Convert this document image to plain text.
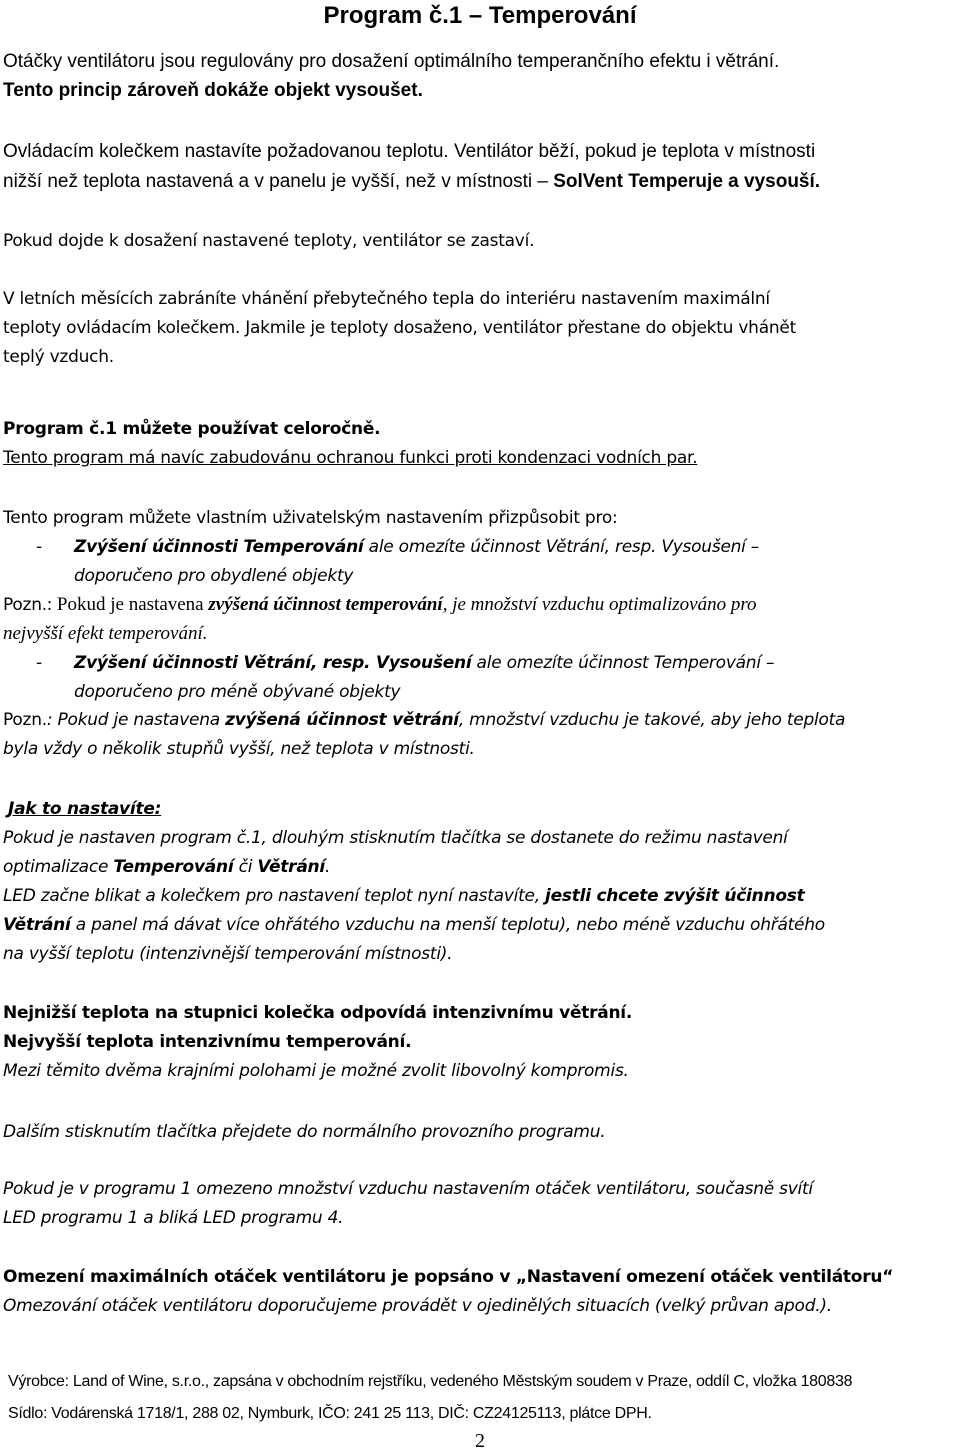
Program č.1 – Temperování
Otáčky ventilátoru jsou regulovány pro dosažení optimálního temperančního efektu i větrání.
Tento princip zároveň dokáže objekt vysoušet.
Ovládacím kolečkem nastavíte požadovanou teplotu. Ventilátor běží, pokud je teplota v místnosti
nižší než teplota nastavená a v panelu je vyšší, než v místnosti – SolVent Temperuje a vysouší.
Pokud dojde k dosažení nastavené teploty, ventilátor se zastaví.
V letních měsících zabráníte vhánění přebytečného tepla do interiéru nastavením maximální
teploty ovládacím kolečkem. Jakmile je teploty dosaženo, ventilátor přestane do objektu vhánět
teplý vzduch.
Program č.1 můžete používat celoročně.
Tento program má navíc zabudovánu ochranou funkci proti kondenzaci vodních par.
Tento program můžete vlastním uživatelským nastavením přizpůsobit pro:
- Zvýšení účinnosti Temperování ale omezíte účinnost Větrání, resp. Vysoušení –
doporučeno pro obydlené objekty
Pozn.: Pokud je nastavena zvýšená účinnost temperování, je množství vzduchu optimalizováno pro
nejvyšší efekt temperování.
- Zvýšení účinnosti Větrání, resp. Vysoušení ale omezíte účinnost Temperování –
doporučeno pro méně obývané objekty
Pozn.: Pokud je nastavena zvýšená účinnost větrání, množství vzduchu je takové, aby jeho teplota
byla vždy o několik stupňů vyšší, než teplota v místnosti.
Jak to nastavíte:
Pokud je nastaven program č.1, dlouhým stisknutím tlačítka se dostanete do režimu nastavení
optimalizace Temperování či Větrání.
LED začne blikat a kolečkem pro nastavení teplot nyní nastavíte, jestli chcete zvýšit účinnost
Větrání a panel má dávat více ohřátého vzduchu na menší teplotu), nebo méně vzduchu ohřátého
na vyšší teplotu (intenzivnější temperování místnosti).
Nejnižší teplota na stupnici kolečka odpovídá intenzivnímu větrání.
Nejvyšší teplota intenzivnímu temperování.
Mezi těmito dvěma krajními polohami je možné zvolit libovolný kompromis.
Dalším stisknutím tlačítka přejdete do normálního provozního programu.
Pokud je v programu 1 omezeno množství vzduchu nastavením otáček ventilátoru, současně svítí
LED programu 1 a bliká LED programu 4.
Omezení maximálních otáček ventilátoru je popsáno v „Nastavení omezení otáček ventilátoru“
Omezování otáček ventilátoru doporučujeme provádět v ojedinělých situacích (velký průvan apod.).
Výrobce: Land of Wine, s.r.o., zapsána v obchodním rejstříku, vedeného Městským soudem v Praze, oddíl C, vložka 180838
Sídlo: Vodárenská 1718/1, 288 02, Nymburk, IČO: 241 25 113, DIČ: CZ24125113, plátce DPH.
2
